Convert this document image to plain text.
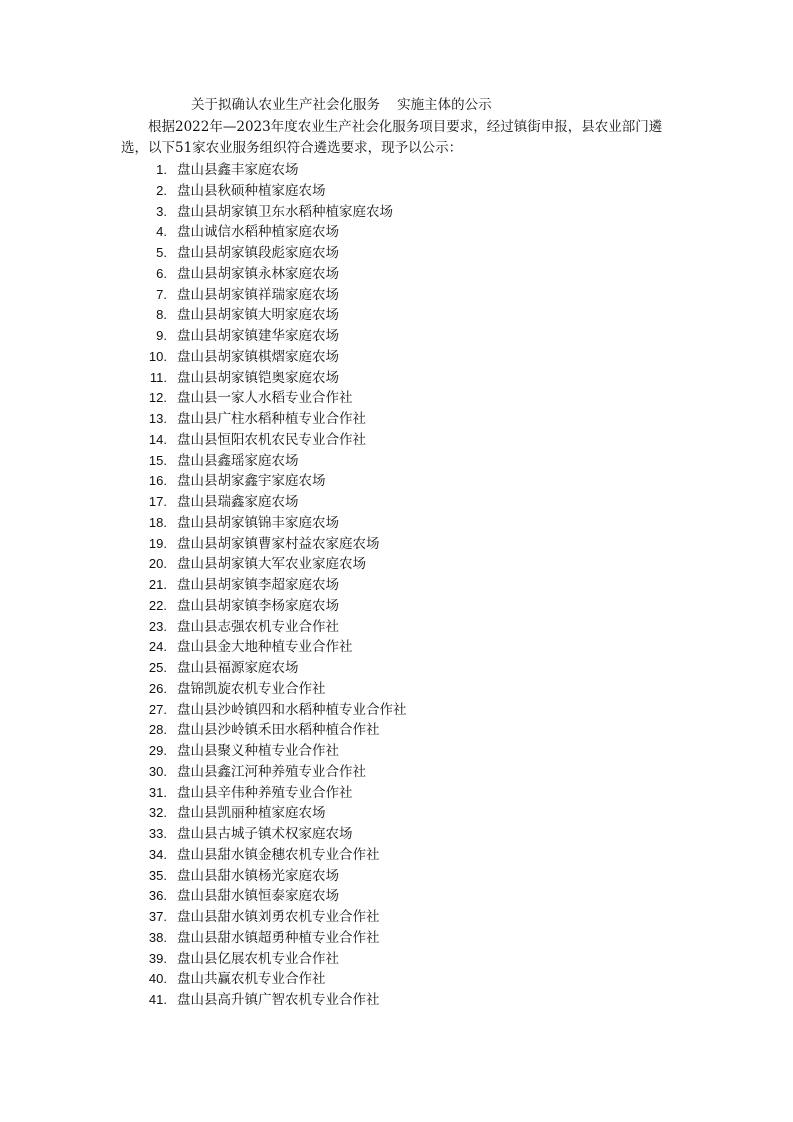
关于拟确认农业生产社会化服务    实施主体的公示

根据2022年—2023年度农业生产社会化服务项目要求，经过镇街申报，县农业部门遴选，以下51家农业服务组织符合遴选要求，现予以公示：

1. 盘山县鑫丰家庭农场
2. 盘山县秋硕种植家庭农场
3. 盘山县胡家镇卫东水稻种植家庭农场
4. 盘山诚信水稻种植家庭农场
5. 盘山县胡家镇段彪家庭农场
6. 盘山县胡家镇永林家庭农场
7. 盘山县胡家镇祥瑞家庭农场
8. 盘山县胡家镇大明家庭农场
9. 盘山县胡家镇建华家庭农场
10. 盘山县胡家镇棋熠家庭农场
11. 盘山县胡家镇铠奥家庭农场
12. 盘山县一家人水稻专业合作社
13. 盘山县广柱水稻种植专业合作社
14. 盘山县恒阳农机农民专业合作社
15. 盘山县鑫瑶家庭农场
16. 盘山县胡家鑫宇家庭农场
17. 盘山县瑞鑫家庭农场
18. 盘山县胡家镇锦丰家庭农场
19. 盘山县胡家镇曹家村益农家庭农场
20. 盘山县胡家镇大军农业家庭农场
21. 盘山县胡家镇李超家庭农场
22. 盘山县胡家镇李杨家庭农场
23. 盘山县志强农机专业合作社
24. 盘山县金大地种植专业合作社
25. 盘山县福源家庭农场
26. 盘锦凯旋农机专业合作社
27. 盘山县沙岭镇四和水稻种植专业合作社
28. 盘山县沙岭镇禾田水稻种植合作社
29. 盘山县聚义种植专业合作社
30. 盘山县鑫江河种养殖专业合作社
31. 盘山县辛伟种养殖专业合作社
32. 盘山县凯丽种植家庭农场
33. 盘山县古城子镇术权家庭农场
34. 盘山县甜水镇金穗农机专业合作社
35. 盘山县甜水镇杨光家庭农场
36. 盘山县甜水镇恒泰家庭农场
37. 盘山县甜水镇刘勇农机专业合作社
38. 盘山县甜水镇超勇种植专业合作社
39. 盘山县亿展农机专业合作社
40. 盘山共赢农机专业合作社
41. 盘山县高升镇广智农机专业合作社
